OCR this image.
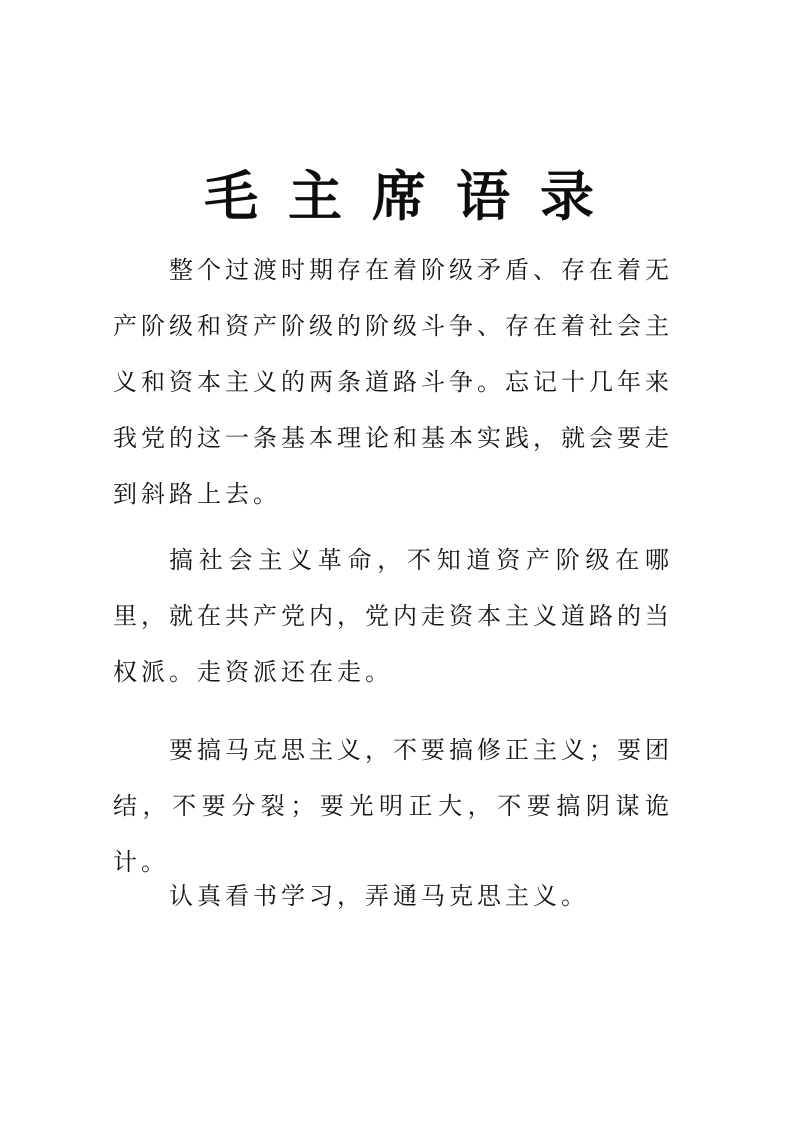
毛主席语录

整个过渡时期存在着阶级矛盾、存在着无产阶级和资产阶级的阶级斗争、存在着社会主义和资本主义的两条道路斗争。忘记十几年来我党的这一条基本理论和基本实践，就会要走到斜路上去。

搞社会主义革命，不知道资产阶级在哪里，就在共产党内，党内走资本主义道路的当权派。走资派还在走。

要搞马克思主义，不要搞修正主义；要团结，不要分裂；要光明正大，不要搞阴谋诡计。

认真看书学习，弄通马克思主义。
